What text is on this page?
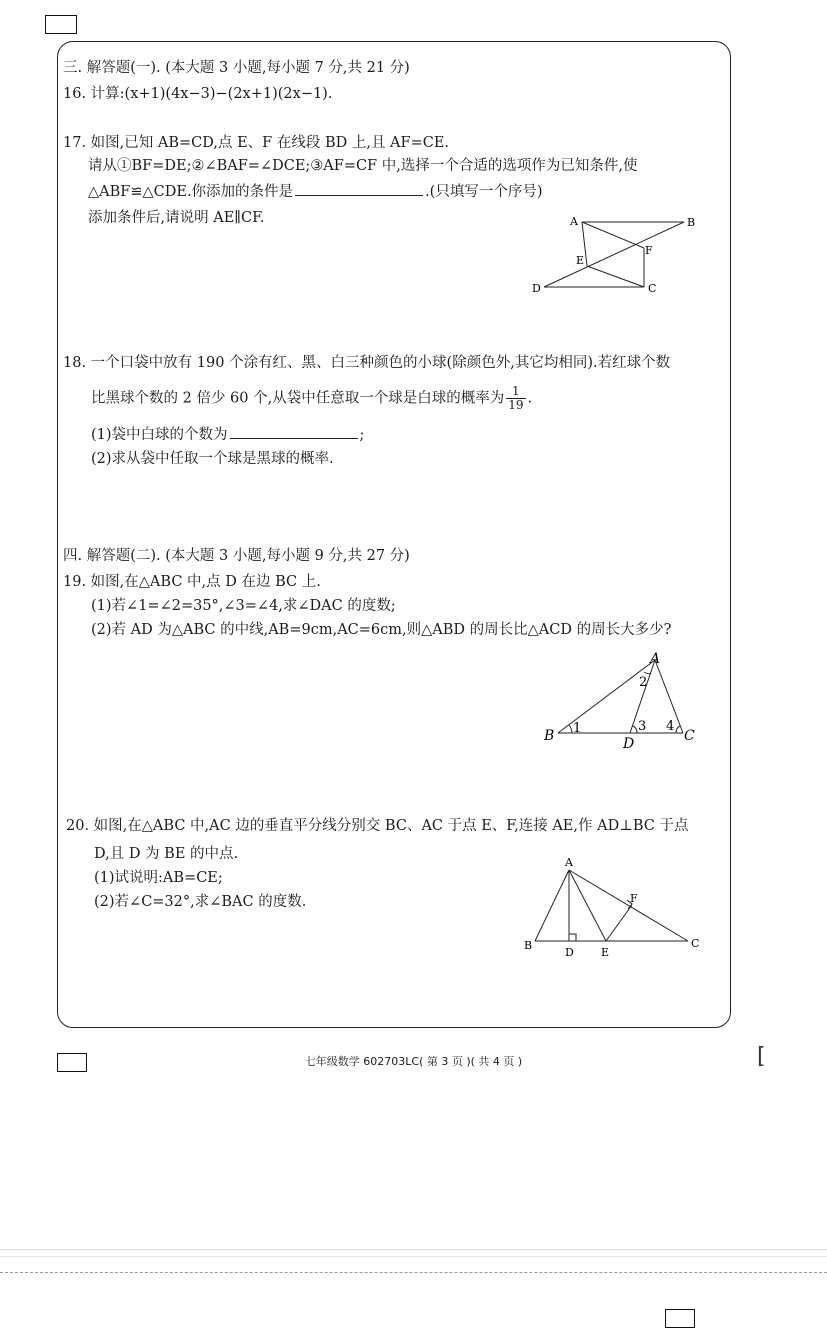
三. 解答题(一). (本大题 3 小题,每小题 7 分,共 21 分)
16. 计算:(x+1)(4x−3)−(2x+1)(2x−1).
17. 如图,已知 AB=CD,点 E、F 在线段 BD 上,且 AF=CE.
请从①BF=DE;②∠BAF=∠DCE;③AF=CF 中,选择一个合适的选项作为已知条件,使
△ABF≌△CDE.你添加的条件是	.(只填写一个序号)
添加条件后,请说明 AE∥CF.	A	B
C
D
E
F
18. 一个口袋中放有 190 个涂有红、黑、白三种颜色的小球(除颜色外,其它均相同).若红球个数
比黑球个数的 2 倍少 60 个,从袋中任意取一个球是白球的概率为 $\frac{1}{19}$ .
(1)袋中白球的个数为	;
(2)求从袋中任取一个球是黑球的概率.
四. 解答题(二). (本大题 3 小题,每小题 9 分,共 27 分)
19. 如图,在△ABC 中,点 D 在边 BC 上.
(1)若∠1=∠2=35°,∠3=∠4,求∠DAC 的度数;
(2)若 AD 为△ABC 的中线,AB=9cm,AC=6cm,则△ABD 的周长比△ACD 的周长大多少?
B
A
C
D
1
2
3 4
20. 如图,在△ABC 中,AC 边的垂直平分线分别交 BC、AC 于点 E、F,连接 AE,作 AD⊥BC 于点
D,且 D 为 BE 的中点.
(1)试说明:AB=CE;
(2)若∠C=32°,求∠BAC 的度数.
A
B	C
D E
F
七年级数学 602703LC( 第 3 页 )( 共 4 页 )	[
